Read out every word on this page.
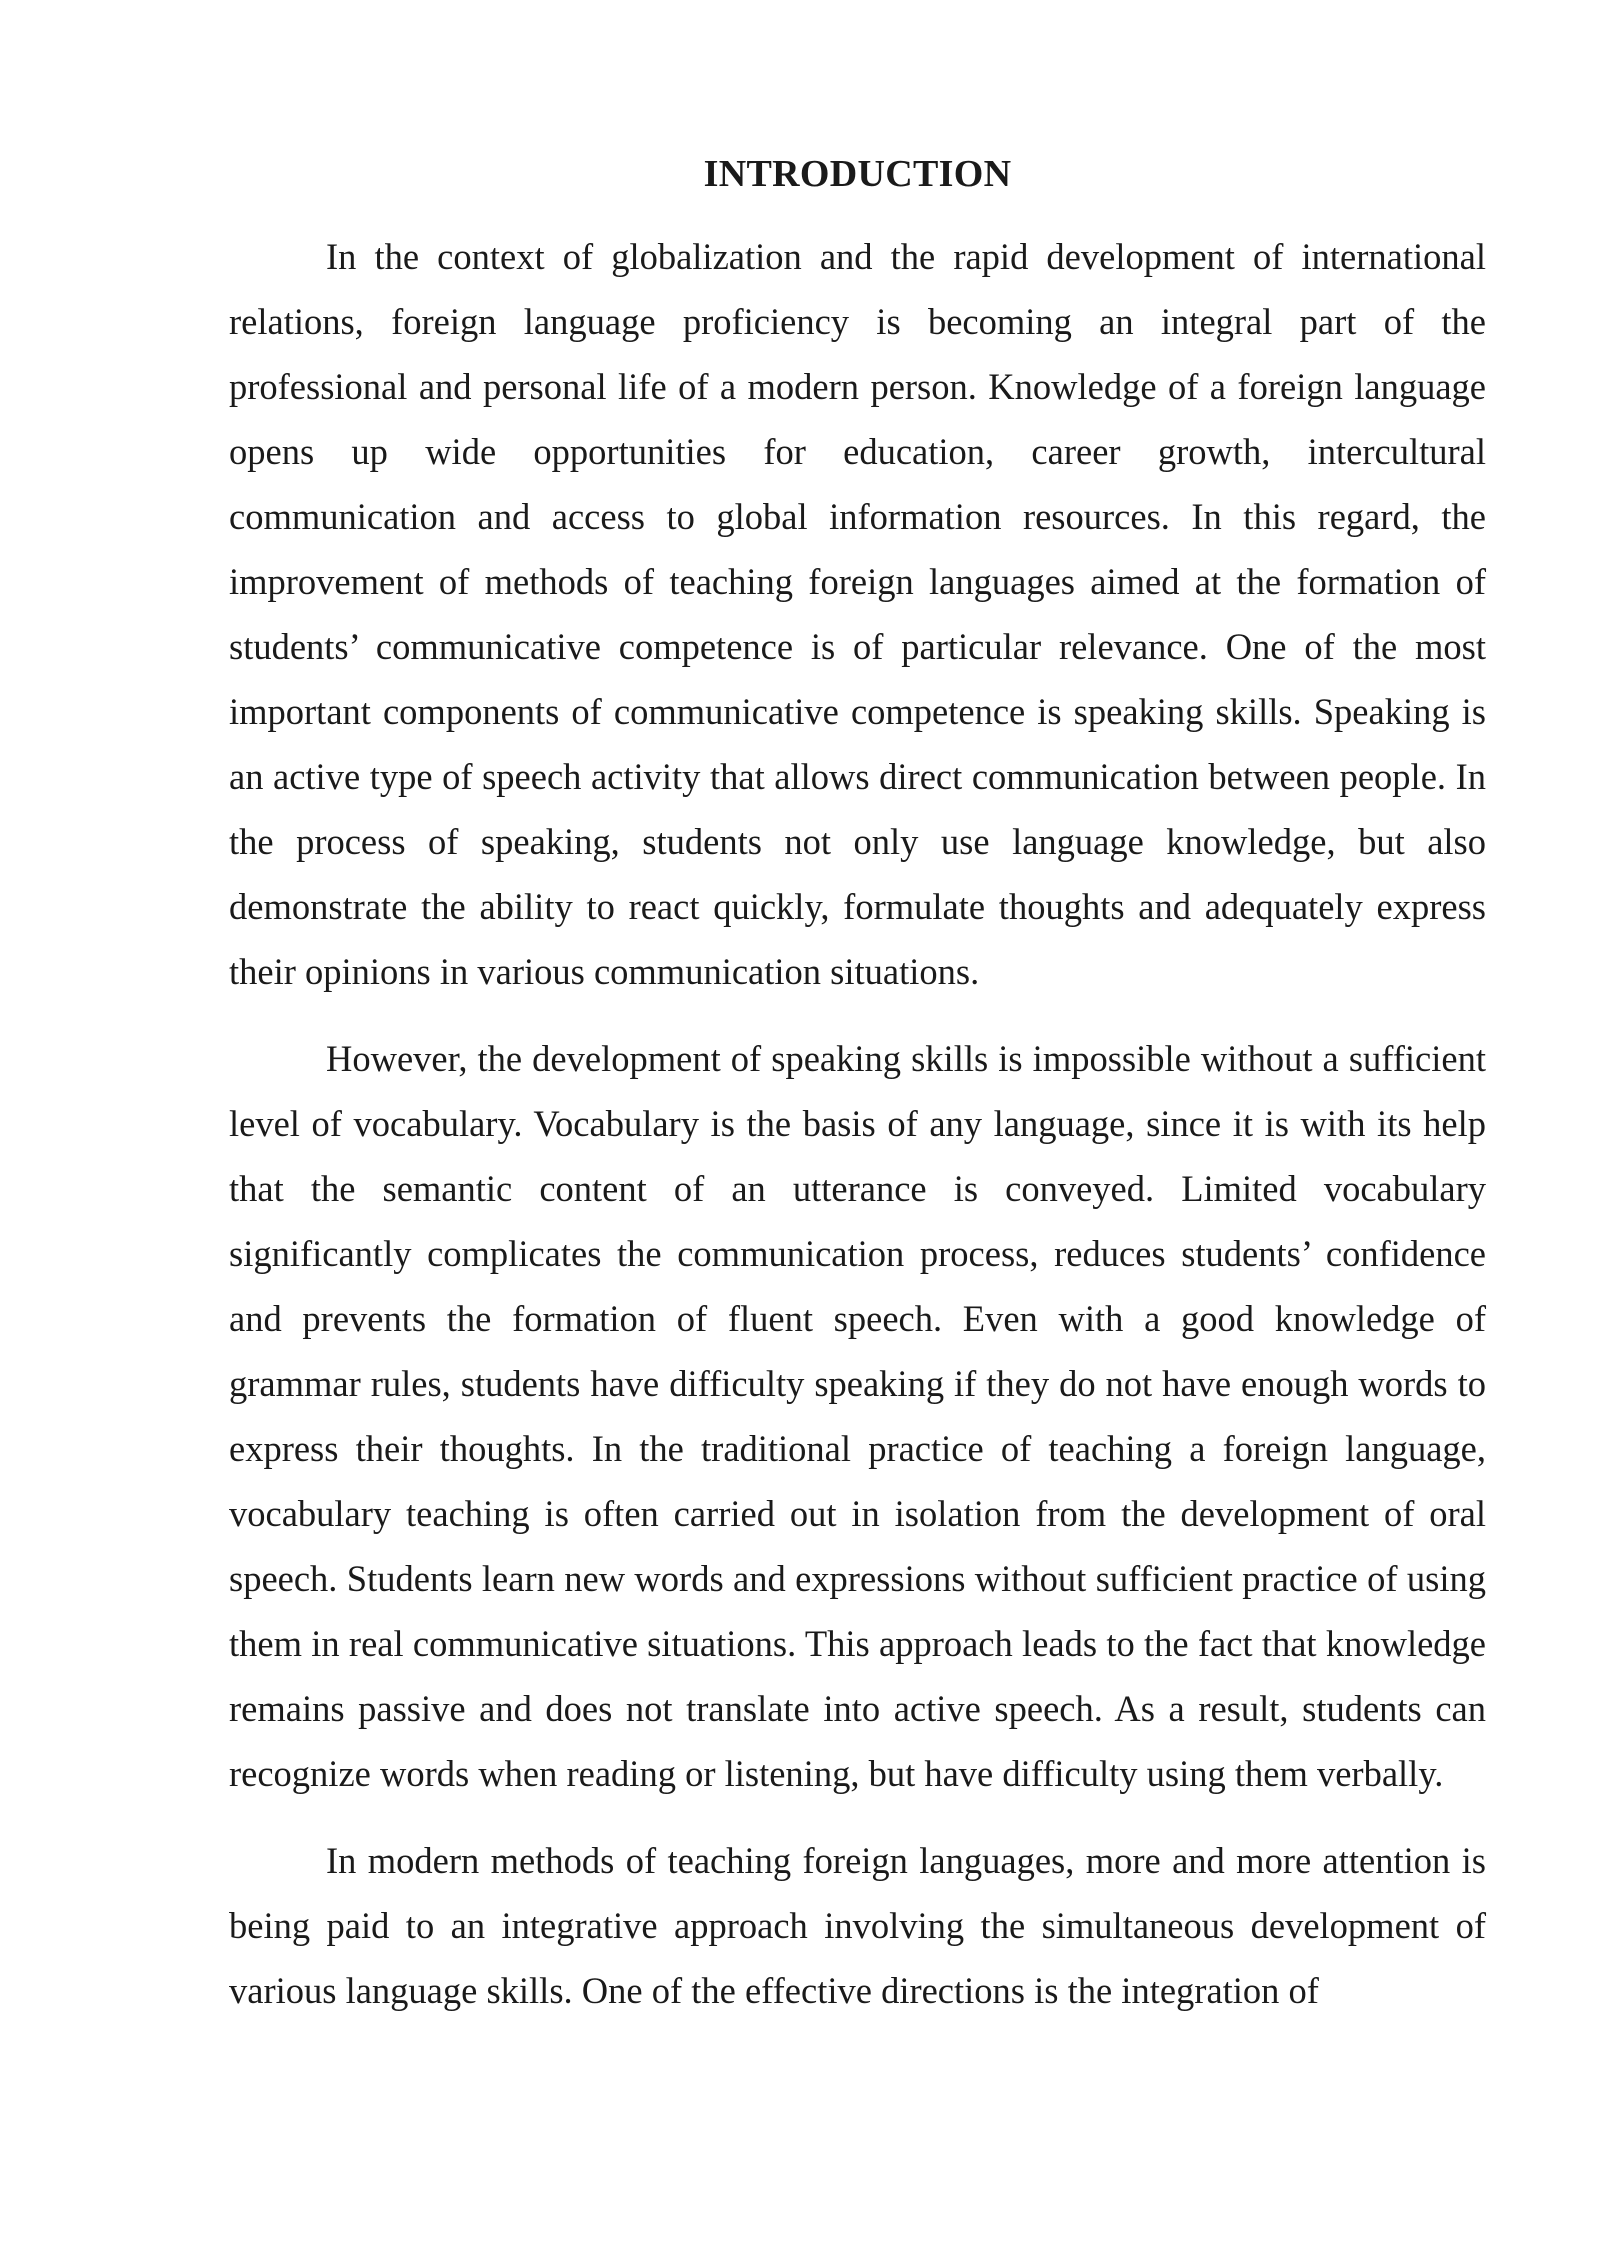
INTRODUCTION

In the context of globalization and the rapid development of international relations, foreign language proficiency is becoming an integral part of the professional and personal life of a modern person. Knowledge of a foreign language opens up wide opportunities for education, career growth, intercultural communication and access to global information resources. In this regard, the improvement of methods of teaching foreign languages aimed at the formation of students’ communicative competence is of particular relevance. One of the most important components of communicative competence is speaking skills. Speaking is an active type of speech activity that allows direct communication between people. In the process of speaking, students not only use language knowledge, but also demonstrate the ability to react quickly, formulate thoughts and adequately express their opinions in various communication situations.

However, the development of speaking skills is impossible without a sufficient level of vocabulary. Vocabulary is the basis of any language, since it is with its help that the semantic content of an utterance is conveyed. Limited vocabulary significantly complicates the communication process, reduces students’ confidence and prevents the formation of fluent speech. Even with a good knowledge of grammar rules, students have difficulty speaking if they do not have enough words to express their thoughts. In the traditional practice of teaching a foreign language, vocabulary teaching is often carried out in isolation from the development of oral speech. Students learn new words and expressions without sufficient practice of using them in real communicative situations. This approach leads to the fact that knowledge remains passive and does not translate into active speech. As a result, students can recognize words when reading or listening, but have difficulty using them verbally.

In modern methods of teaching foreign languages, more and more attention is being paid to an integrative approach involving the simultaneous development of various language skills. One of the effective directions is the integration of
